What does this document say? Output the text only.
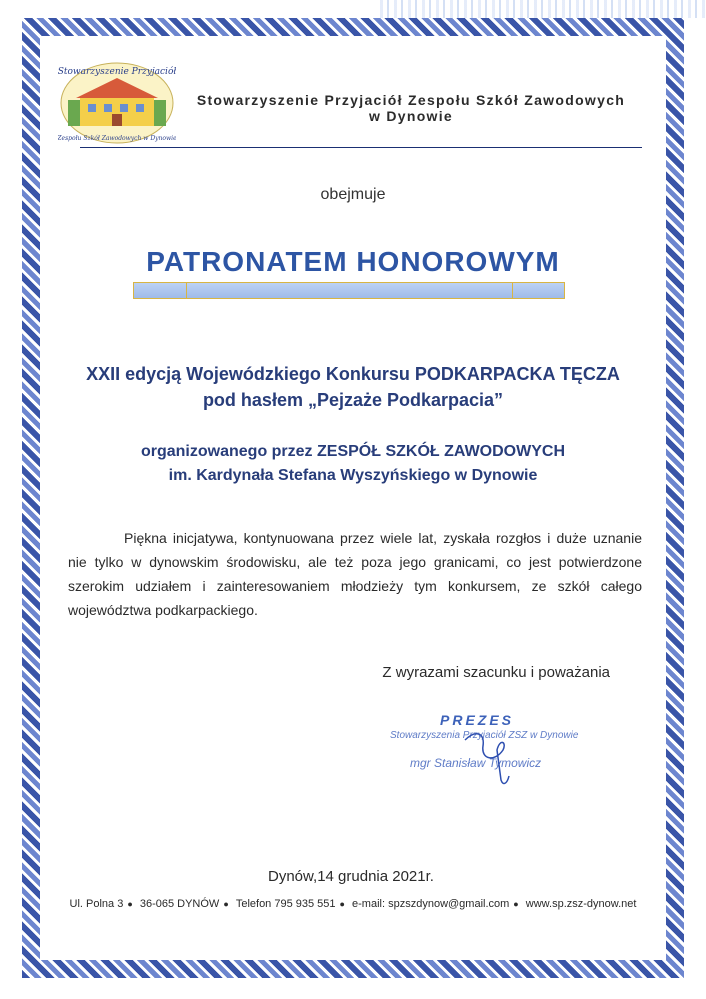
Stowarzyszenie Przyjaciół
Zespołu Szkół Zawodowych w Dynowie
Stowarzyszenie Przyjaciół Zespołu Szkół Zawodowych
w Dynowie
obejmuje
PATRONATEM HONOROWYM
XXII edycją Wojewódzkiego Konkursu PODKARPACKA TĘCZA
pod hasłem „Pejzaże Podkarpacia”
organizowanego przez ZESPÓŁ SZKÓŁ ZAWODOWYCH
im. Kardynała Stefana Wyszyńskiego w Dynowie
Piękna inicjatywa, kontynuowana przez wiele lat, zyskała rozgłos i duże uznanie nie tylko w dynowskim środowisku, ale też poza jego granicami, co jest potwierdzone szerokim udziałem i zainteresowaniem młodzieży tym konkursem, ze szkół całego województwa podkarpackiego.
Z wyrazami szacunku i poważania
PREZES
Stowarzyszenia Przyjaciół ZSZ w Dynowie
mgr Stanisław Tymowicz
Dynów,14 grudnia 2021r.
Ul. Polna 3 ● 36-065 DYNÓW ● Telefon 795 935 551 ● e-mail: spzszdynow@gmail.com ● www.sp.zsz-dynow.net
